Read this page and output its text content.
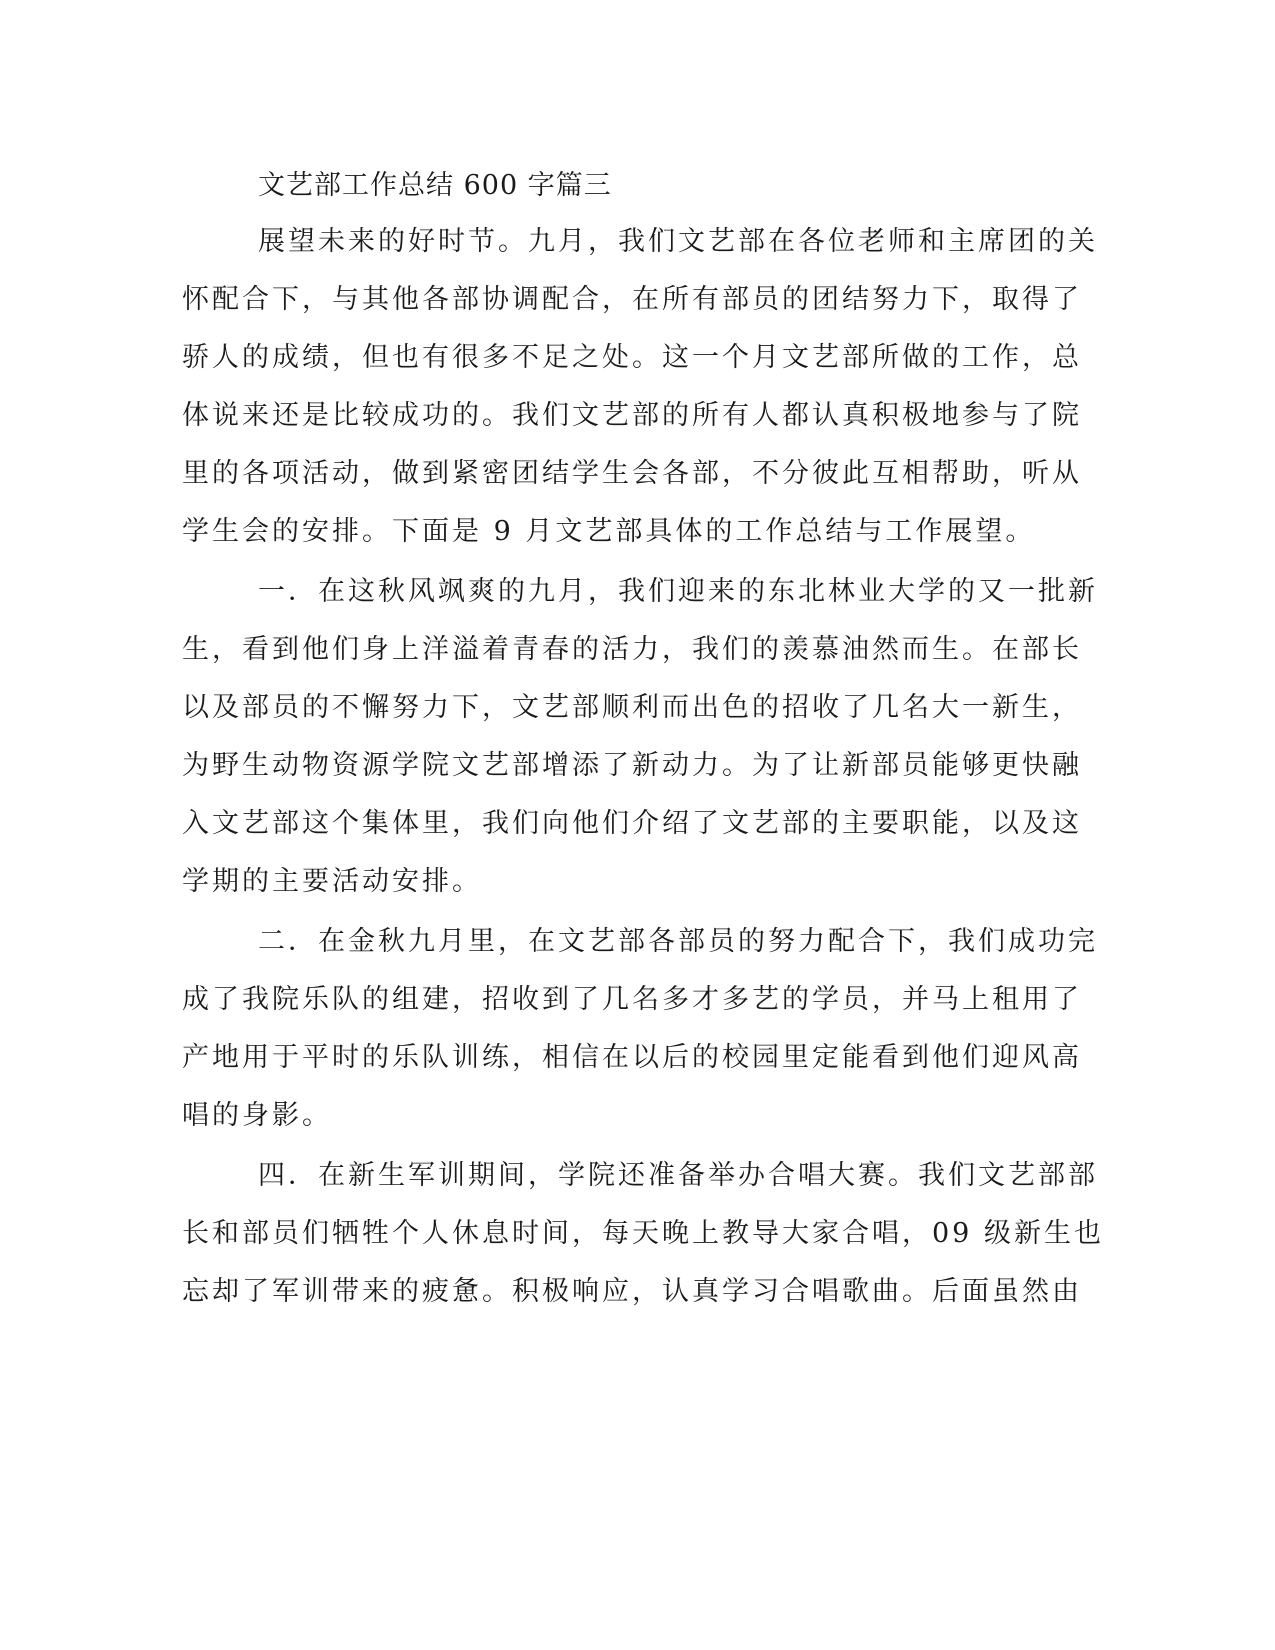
文艺部工作总结 600 字篇三
展望未来的好时节。九月，我们文艺部在各位老师和主席团的关
怀配合下，与其他各部协调配合，在所有部员的团结努力下，取得了
骄人的成绩，但也有很多不足之处。这一个月文艺部所做的工作，总
体说来还是比较成功的。我们文艺部的所有人都认真积极地参与了院
里的各项活动，做到紧密团结学生会各部，不分彼此互相帮助，听从
学生会的安排。下面是 9 月文艺部具体的工作总结与工作展望。
一．在这秋风飒爽的九月，我们迎来的东北林业大学的又一批新
生，看到他们身上洋溢着青春的活力，我们的羡慕油然而生。在部长
以及部员的不懈努力下，文艺部顺利而出色的招收了几名大一新生，
为野生动物资源学院文艺部增添了新动力。为了让新部员能够更快融
入文艺部这个集体里，我们向他们介绍了文艺部的主要职能，以及这
学期的主要活动安排。
二．在金秋九月里，在文艺部各部员的努力配合下，我们成功完
成了我院乐队的组建，招收到了几名多才多艺的学员，并马上租用了
产地用于平时的乐队训练，相信在以后的校园里定能看到他们迎风高
唱的身影。
四．在新生军训期间，学院还准备举办合唱大赛。我们文艺部部
长和部员们牺牲个人休息时间，每天晚上教导大家合唱，09 级新生也
忘却了军训带来的疲惫。积极响应，认真学习合唱歌曲。后面虽然由
